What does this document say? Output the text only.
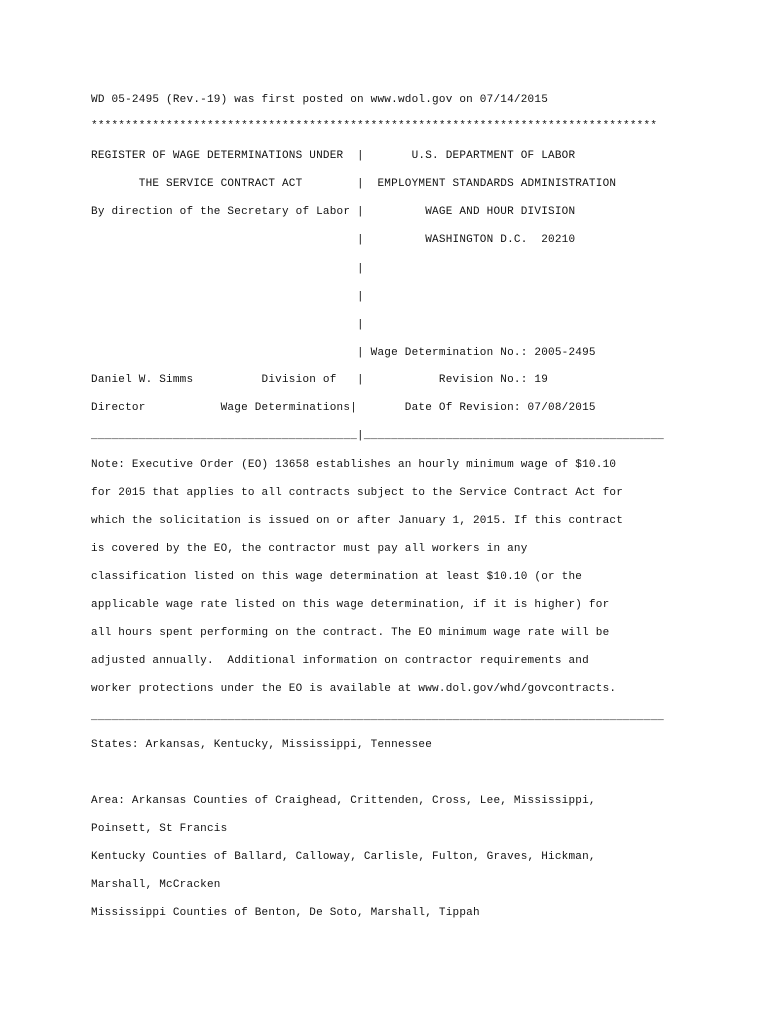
WD 05-2495 (Rev.-19) was first posted on www.wdol.gov on 07/14/2015

***********************************************************************************

REGISTER OF WAGE DETERMINATIONS UNDER  |       U.S. DEPARTMENT OF LABOR

THE SERVICE CONTRACT ACT        |  EMPLOYMENT STANDARDS ADMINISTRATION

By direction of the Secretary of Labor |         WAGE AND HOUR DIVISION

|         WASHINGTON D.C.  20210

|

|

|

| Wage Determination No.: 2005-2495

Daniel W. Simms          Division of   |           Revision No.: 19

Director           Wage Determinations|       Date Of Revision: 07/08/2015

_______________________________________|____________________________________________

Note: Executive Order (EO) 13658 establishes an hourly minimum wage of $10.10

for 2015 that applies to all contracts subject to the Service Contract Act for

which the solicitation is issued on or after January 1, 2015. If this contract

is covered by the EO, the contractor must pay all workers in any

classification listed on this wage determination at least $10.10 (or the

applicable wage rate listed on this wage determination, if it is higher) for

all hours spent performing on the contract. The EO minimum wage rate will be

adjusted annually.  Additional information on contractor requirements and

worker protections under the EO is available at www.dol.gov/whd/govcontracts.

____________________________________________________________________________________

States: Arkansas, Kentucky, Mississippi, Tennessee

Area: Arkansas Counties of Craighead, Crittenden, Cross, Lee, Mississippi,

Poinsett, St Francis

Kentucky Counties of Ballard, Calloway, Carlisle, Fulton, Graves, Hickman,

Marshall, McCracken

Mississippi Counties of Benton, De Soto, Marshall, Tippah
